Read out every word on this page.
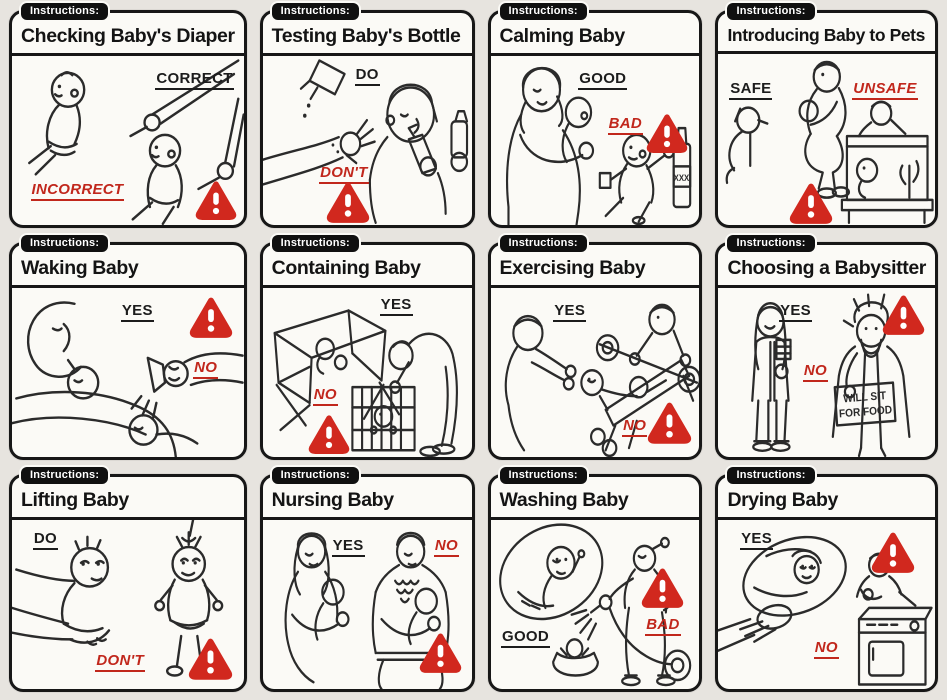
Instructions:
Checking Baby's Diaper
CORRECT
INCORRECT
Instructions:
Testing Baby's Bottle
DO
DON'T
Instructions:
Calming Baby
XXX
GOOD
BAD
Instructions:
Introducing Baby to Pets
SAFE	UNSAFE
Instructions:
Waking Baby
YES
NO
Instructions:
Containing Baby
YES
NO
Instructions:
Exercising Baby
YES
NO
Instructions:
Choosing a Babysitter
WILL SIT
FOR FOOD
YES
NO
Instructions:
Lifting Baby
DO
DON'T
Instructions:
Nursing Baby
YES	NO
Instructions:
Washing Baby
GOOD
BAD
Instructions:
Drying Baby
YES
NO
